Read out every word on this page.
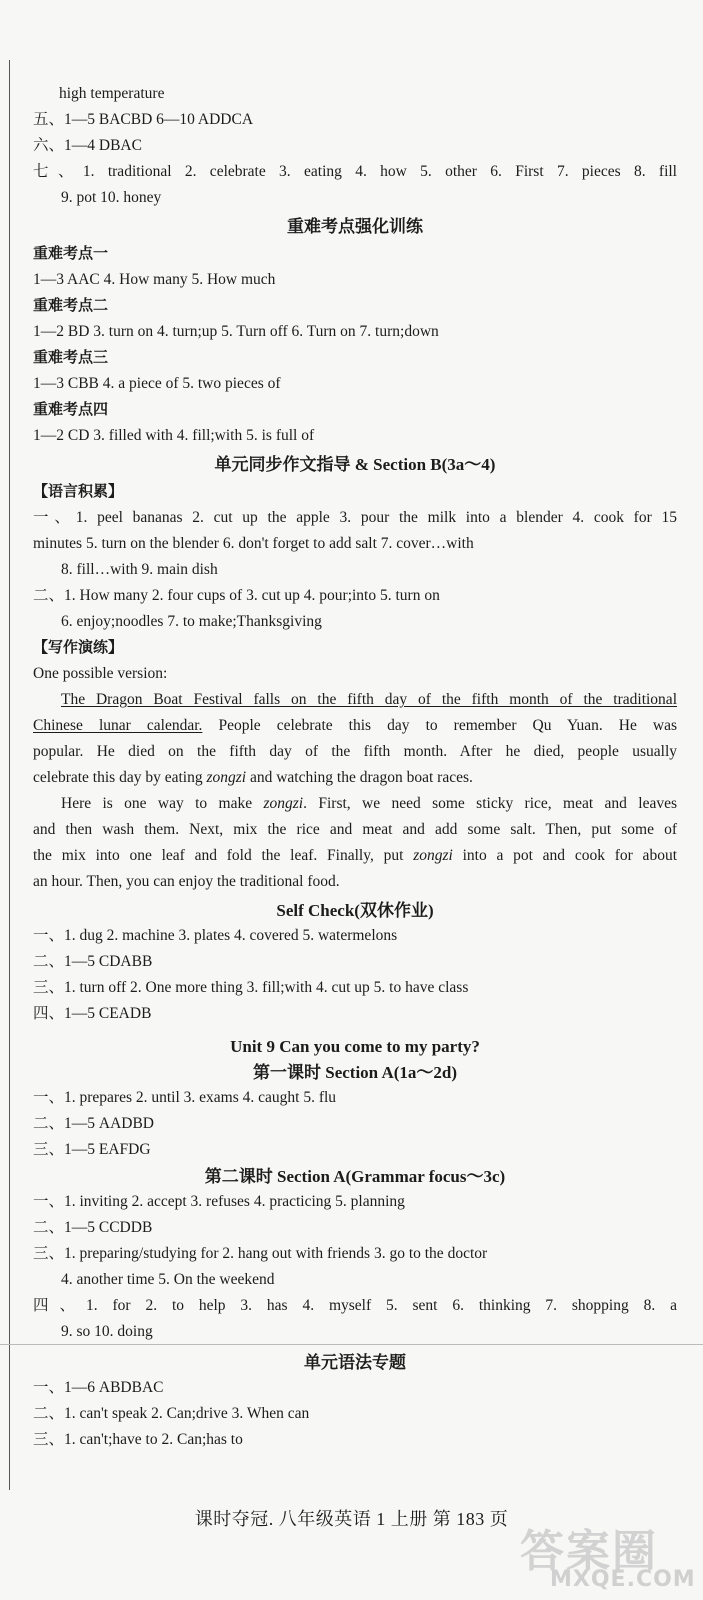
high temperature
五、1—5 BACBD 6—10 ADDCA
六、1—4 DBAC
七、1. traditional 2. celebrate 3. eating 4. how 5. other 6. First 7. pieces 8. fill
9. pot 10. honey
重难考点强化训练
重难考点一
1—3 AAC 4. How many 5. How much
重难考点二
1—2 BD 3. turn on 4. turn;up 5. Turn off 6. Turn on 7. turn;down
重难考点三
1—3 CBB 4. a piece of 5. two pieces of
重难考点四
1—2 CD 3. filled with 4. fill;with 5. is full of
单元同步作文指导 & Section B(3a～4)
【语言积累】
一、1. peel bananas 2. cut up the apple 3. pour the milk into a blender 4. cook for 15
minutes 5. turn on the blender 6. don't forget to add salt 7. cover…with
8. fill…with 9. main dish
二、1. How many 2. four cups of 3. cut up 4. pour;into 5. turn on
6. enjoy;noodles 7. to make;Thanksgiving
【写作演练】
One possible version:
The Dragon Boat Festival falls on the fifth day of the fifth month of the traditional
Chinese lunar calendar. People celebrate this day to remember Qu Yuan. He was
popular. He died on the fifth day of the fifth month. After he died, people usually
celebrate this day by eating zongzi and watching the dragon boat races.
Here is one way to make zongzi. First, we need some sticky rice, meat and leaves
and then wash them. Next, mix the rice and meat and add some salt. Then, put some of
the mix into one leaf and fold the leaf. Finally, put zongzi into a pot and cook for about
an hour. Then, you can enjoy the traditional food.
Self Check(双休作业)
一、1. dug 2. machine 3. plates 4. covered 5. watermelons
二、1—5 CDABB
三、1. turn off 2. One more thing 3. fill;with 4. cut up 5. to have class
四、1—5 CEADB
Unit 9 Can you come to my party?
第一课时 Section A(1a～2d)
一、1. prepares 2. until 3. exams 4. caught 5. flu
二、1—5 AADBD
三、1—5 EAFDG
第二课时 Section A(Grammar focus～3c)
一、1. inviting 2. accept 3. refuses 4. practicing 5. planning
二、1—5 CCDDB
三、1. preparing/studying for 2. hang out with friends 3. go to the doctor
4. another time 5. On the weekend
四、1. for 2. to help 3. has 4. myself 5. sent 6. thinking 7. shopping 8. a
9. so 10. doing
单元语法专题
一、1—6 ABDBAC
二、1. can't speak 2. Can;drive 3. When can
三、1. can't;have to 2. Can;has to
课时夺冠. 八年级英语 1 上册 第 183 页
答案圈
MXQE.COM
